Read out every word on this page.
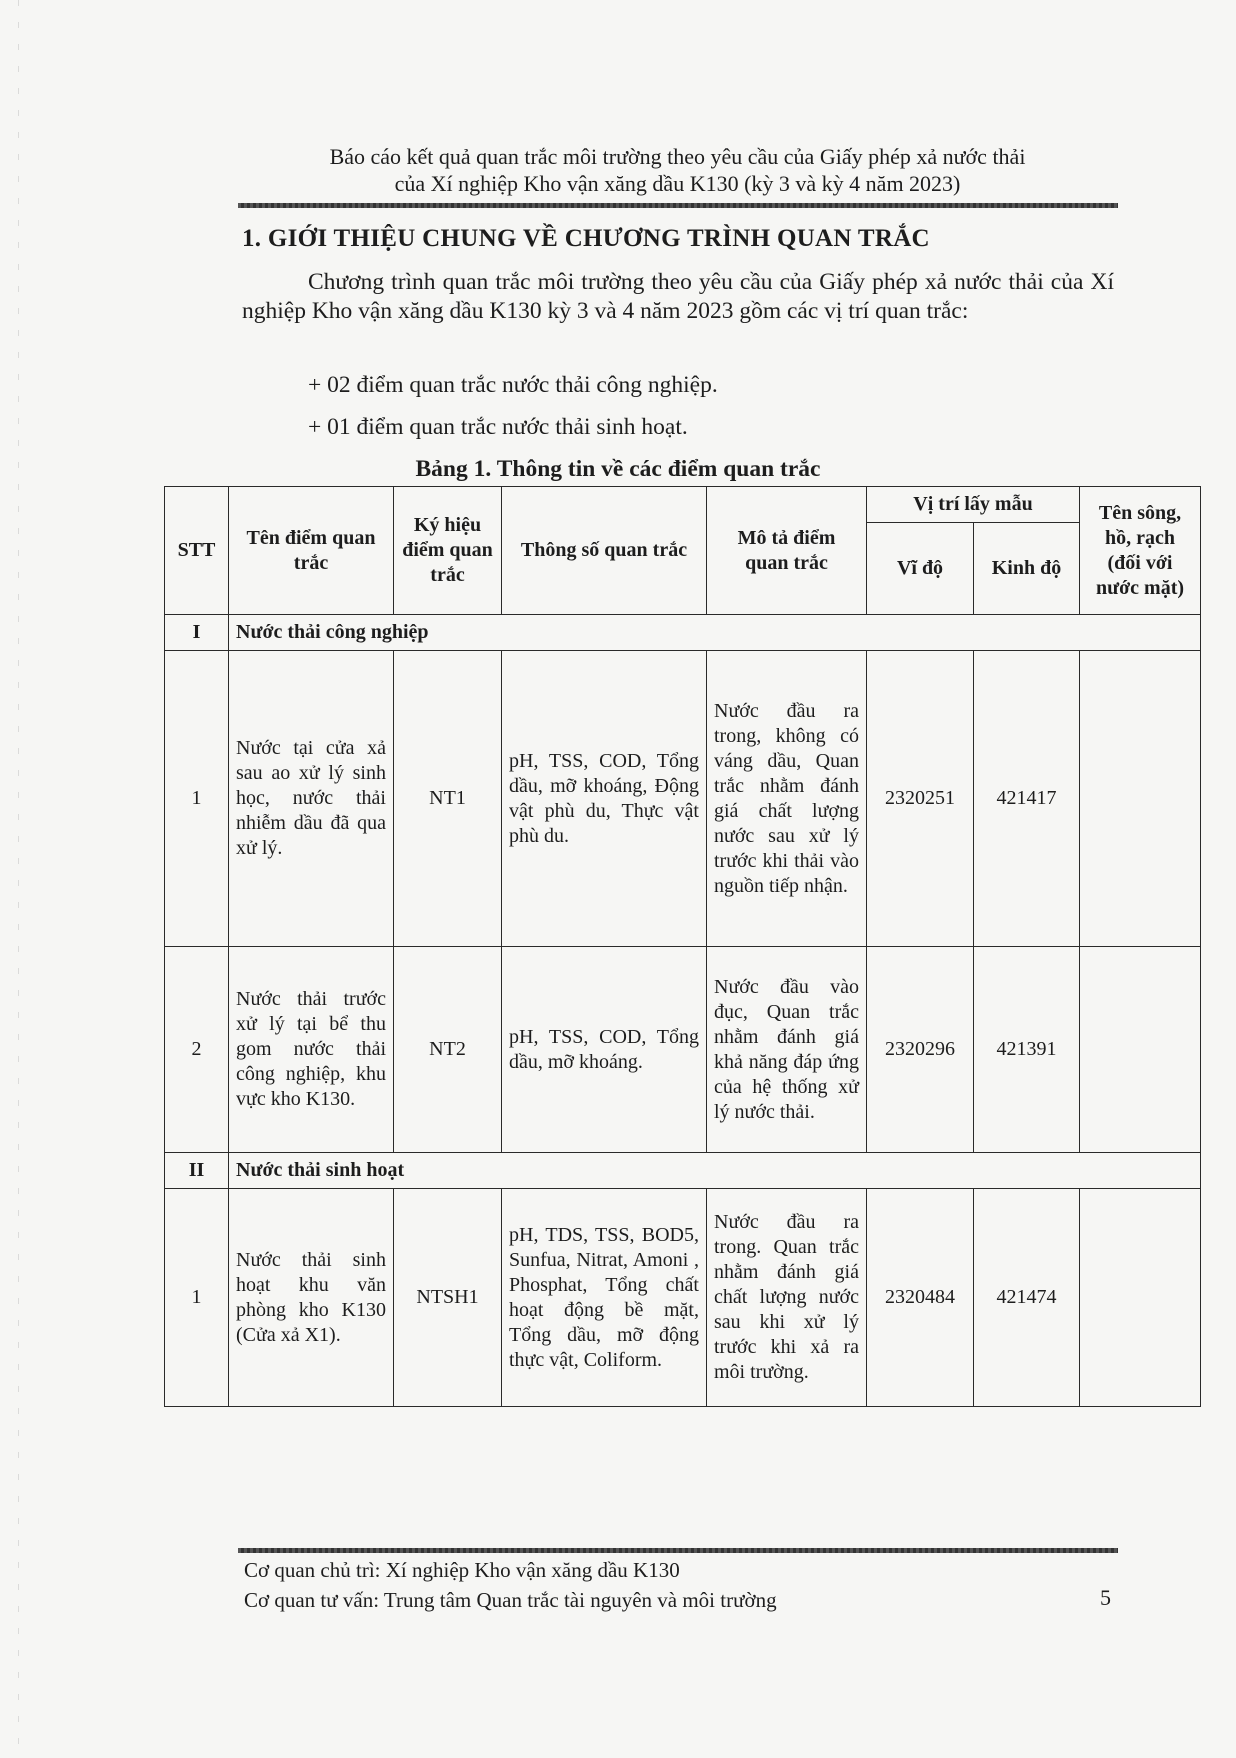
Báo cáo kết quả quan trắc môi trường theo yêu cầu của Giấy phép xả nước thải
của Xí nghiệp Kho vận xăng dầu K130 (kỳ 3 và kỳ 4 năm 2023)
1. GIỚI THIỆU CHUNG VỀ CHƯƠNG TRÌNH QUAN TRẮC
Chương trình quan trắc môi trường theo yêu cầu của Giấy phép xả nước thải của Xí nghiệp Kho vận xăng dầu K130 kỳ 3 và 4 năm 2023 gồm các vị trí quan trắc:
+ 02 điểm quan trắc nước thải công nghiệp.
+ 01 điểm quan trắc nước thải sinh hoạt.
Bảng 1. Thông tin về các điểm quan trắc
STT	Tên điểm quan trắc	Ký hiệu điểm quan trắc	Thông số quan trắc	Mô tả điểm quan trắc	Vị trí lấy mẫu		Tên sông, hồ, rạch (đối với nước mặt)
					Vĩ độ	Kinh độ	
I	Nước thải công nghiệp						
1	Nước tại cửa xả sau ao xử lý sinh học, nước thải nhiễm dầu đã qua xử lý.	NT1	pH, TSS, COD, Tổng dầu, mỡ khoáng, Động vật phù du, Thực vật phù du.	Nước đầu ra trong, không có váng dầu, Quan trắc nhằm đánh giá chất lượng nước sau xử lý trước khi thải vào nguồn tiếp nhận.	2320251	421417	
2	Nước thải trước xử lý tại bể thu gom nước thải công nghiệp, khu vực kho K130.	NT2	pH, TSS, COD, Tổng dầu, mỡ khoáng.	Nước đầu vào đục, Quan trắc nhằm đánh giá khả năng đáp ứng của hệ thống xử lý nước thải.	2320296	421391	
II	Nước thải sinh hoạt						
1	Nước thải sinh hoạt khu văn phòng kho K130 (Cửa xả X1).	NTSH1	pH, TDS, TSS, BOD5, Sunfua, Nitrat, Amoni , Phosphat, Tổng chất hoạt động bề mặt, Tổng dầu, mỡ động thực vật, Coliform.	Nước đầu ra trong. Quan trắc nhằm đánh giá chất lượng nước sau khi xử lý trước khi xả ra môi trường.	2320484	421474	
Cơ quan chủ trì: Xí nghiệp Kho vận xăng dầu K130
Cơ quan tư vấn: Trung tâm Quan trắc tài nguyên và môi trường	5
